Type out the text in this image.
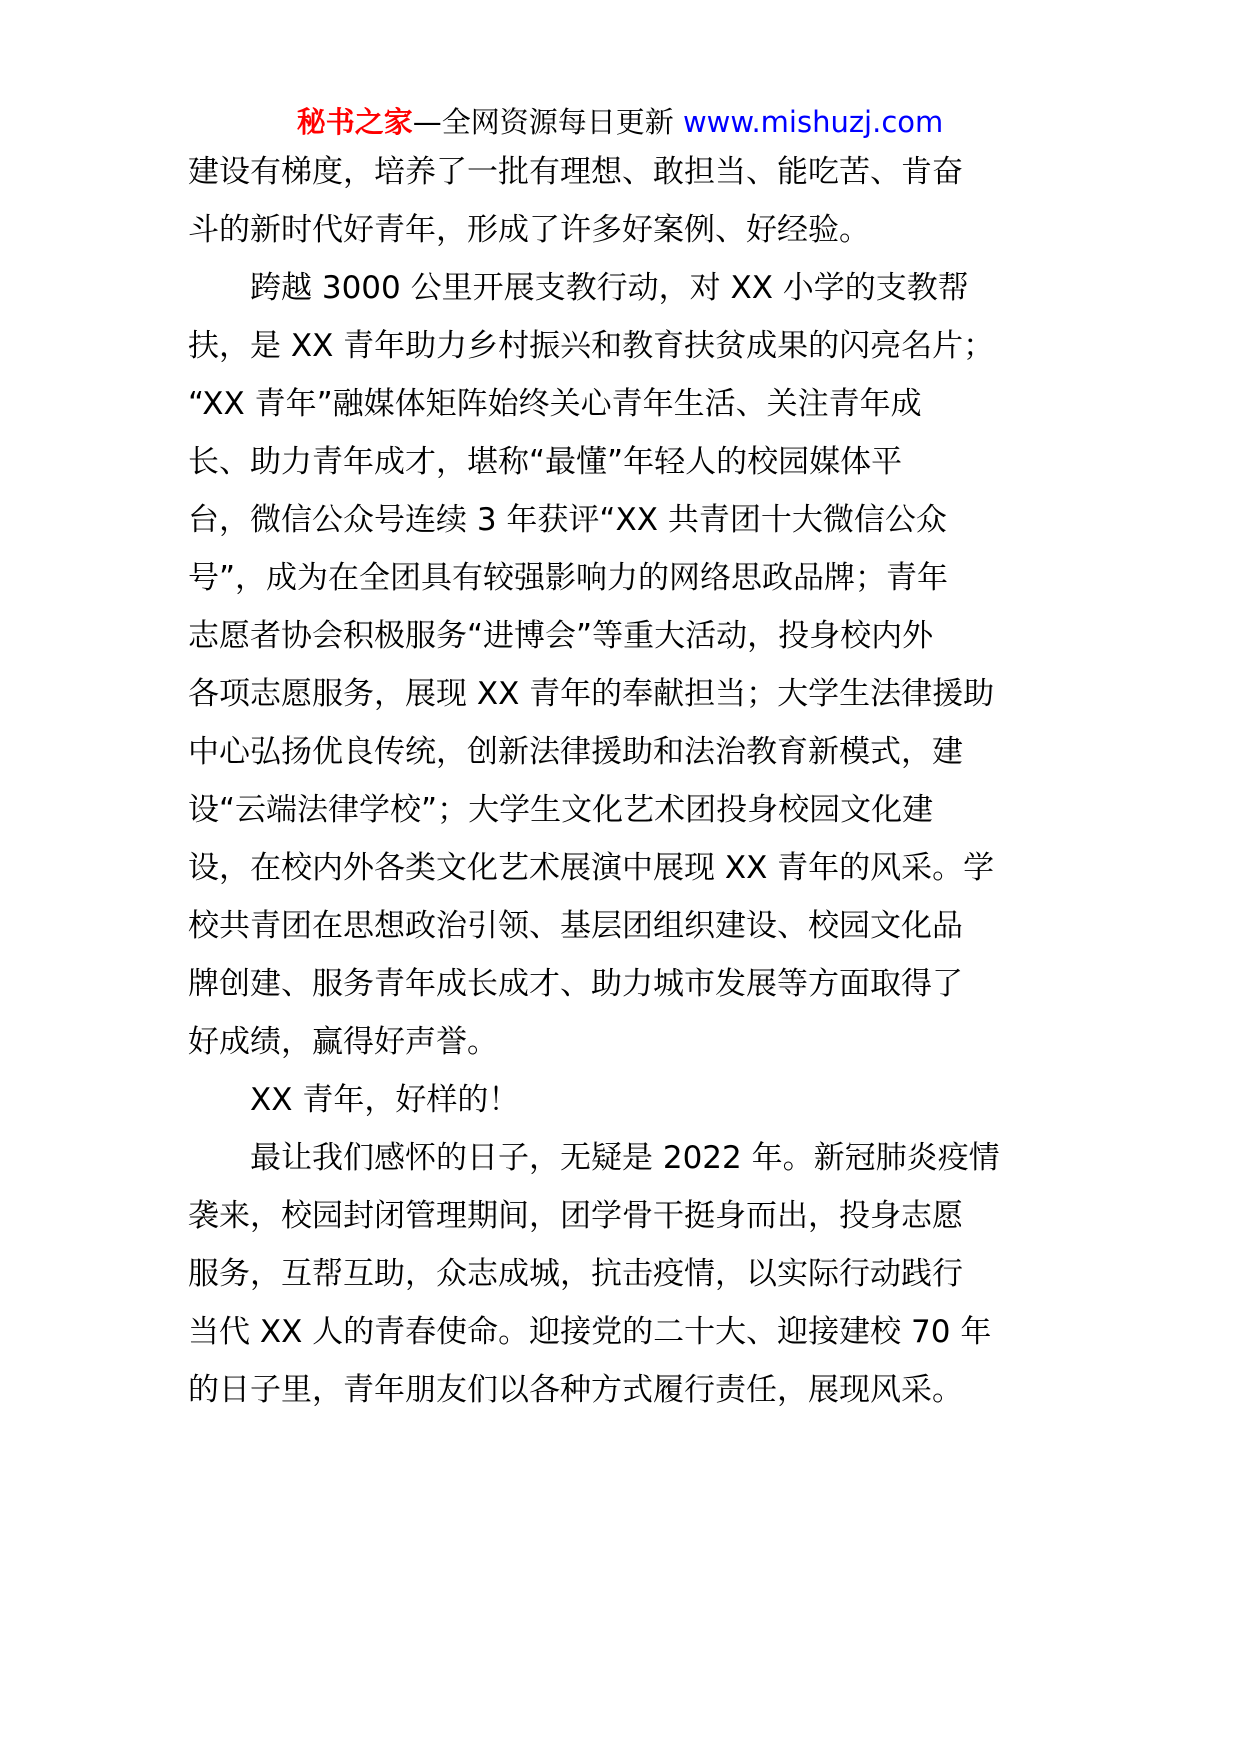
秘书之家—全网资源每日更新 www.mishuzj.com
建设有梯度，培养了一批有理想、敢担当、能吃苦、肯奋
斗的新时代好青年，形成了许多好案例、好经验。
　　跨越 3000 公里开展支教行动，对 XX 小学的支教帮
扶，是 XX 青年助力乡村振兴和教育扶贫成果的闪亮名片；
“XX 青年”融媒体矩阵始终关心青年生活、关注青年成
长、助力青年成才，堪称“最懂”年轻人的校园媒体平
台，微信公众号连续 3 年获评“XX 共青团十大微信公众
号”，成为在全团具有较强影响力的网络思政品牌；青年
志愿者协会积极服务“进博会”等重大活动，投身校内外
各项志愿服务，展现 XX 青年的奉献担当；大学生法律援助
中心弘扬优良传统，创新法律援助和法治教育新模式，建
设“云端法律学校”；大学生文化艺术团投身校园文化建
设，在校内外各类文化艺术展演中展现 XX 青年的风采。学
校共青团在思想政治引领、基层团组织建设、校园文化品
牌创建、服务青年成长成才、助力城市发展等方面取得了
好成绩，赢得好声誉。
　　XX 青年，好样的！
　　最让我们感怀的日子，无疑是 2022 年。新冠肺炎疫情
袭来，校园封闭管理期间，团学骨干挺身而出，投身志愿
服务，互帮互助，众志成城，抗击疫情，以实际行动践行
当代 XX 人的青春使命。迎接党的二十大、迎接建校 70 年
的日子里，青年朋友们以各种方式履行责任，展现风采。
